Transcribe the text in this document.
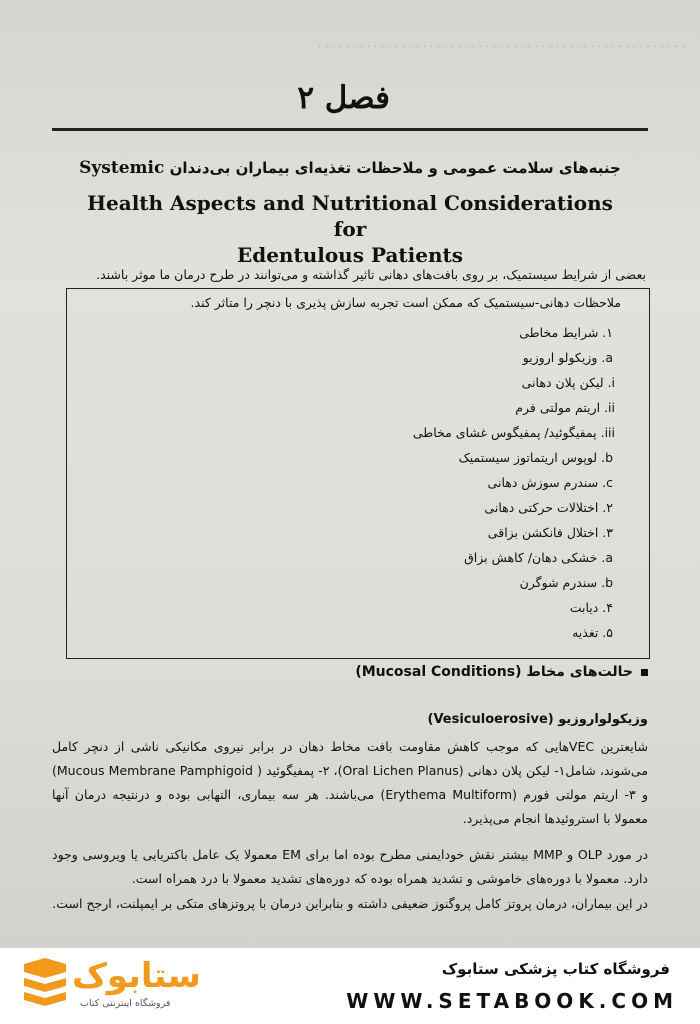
· · · · · · · · · · · · · · · · · · · · · · · · · · · · · · · · · · · · · · · · · · · · · · · · · · · · ·
فصل ۲
جنبه‌های سلامت عمومی و ملاحظات تغذیه‌ای بیماران بی‌دندان Systemic
Health Aspects and Nutritional Considerations for
Edentulous Patients
بعضی از شرایط سیستمیک، بر روی بافت‌های دهانی تاثیر گذاشته و می‌توانند در طرح درمان ما موثر باشند.
ملاحظات دهانی-سیستمیک که ممکن است تجربه سازش پذیری با دنچر را متاثر کند.
۱. شرایط مخاطی
a. وزیکولو اروزیو
i. لیکن پلان دهانی
ii. اریتم مولتی فرم
iii. پمفیگوئید/ پمفیگوس غشای مخاطی
b. لوپوس اریتماتوز سیستمیک
c. سندرم سوزش دهانی
۲. اختلالات حرکتی دهانی
۳. اختلال فانکشن بزاقی
a. خشکی دهان/ کاهش بزاق
b. سندرم شوگرن
۴. دیابت
۵. تغذیه
حالت‌های مخاط (Mucosal Conditions)
وزیکولواروزیو (Vesiculoerosive)
شایعترین VECهایی که موجب کاهش مقاومت بافت مخاط دهان در برابر نیروی مکانیکی ناشی از دنچر کامل می‌شوند، شامل۱- لیکن پلان دهانی (Oral Lichen Planus)، ۲- پمفیگوئید ( Mucous Membrane Pamphigoid) و ۳- اریتم مولتی فورم (Erythema Multiform) می‌باشند. هر سه بیماری، التهابی بوده و درنتیجه درمان آنها معمولا با استروئیدها انجام می‌پذیرد.
در مورد OLP و MMP بیشتر نقش خودایمنی مطرح بوده اما برای EM معمولا یک عامل باکتریایی یا ویروسی وجود دارد. معمولا با دوره‌های خاموشی و تشدید همراه بوده که دوره‌های تشدید معمولا با درد همراه است.
در این بیماران، درمان پروتز کامل پروگنوز ضعیفی داشته و بنابراین درمان با پروتزهای متکی بر ایمپلنت، ارجح است.
ستابوک
فروشگاه اینترنتی کتاب
فروشگاه کتاب پزشکی ستابوک
WWW.SETABOOK.COM
